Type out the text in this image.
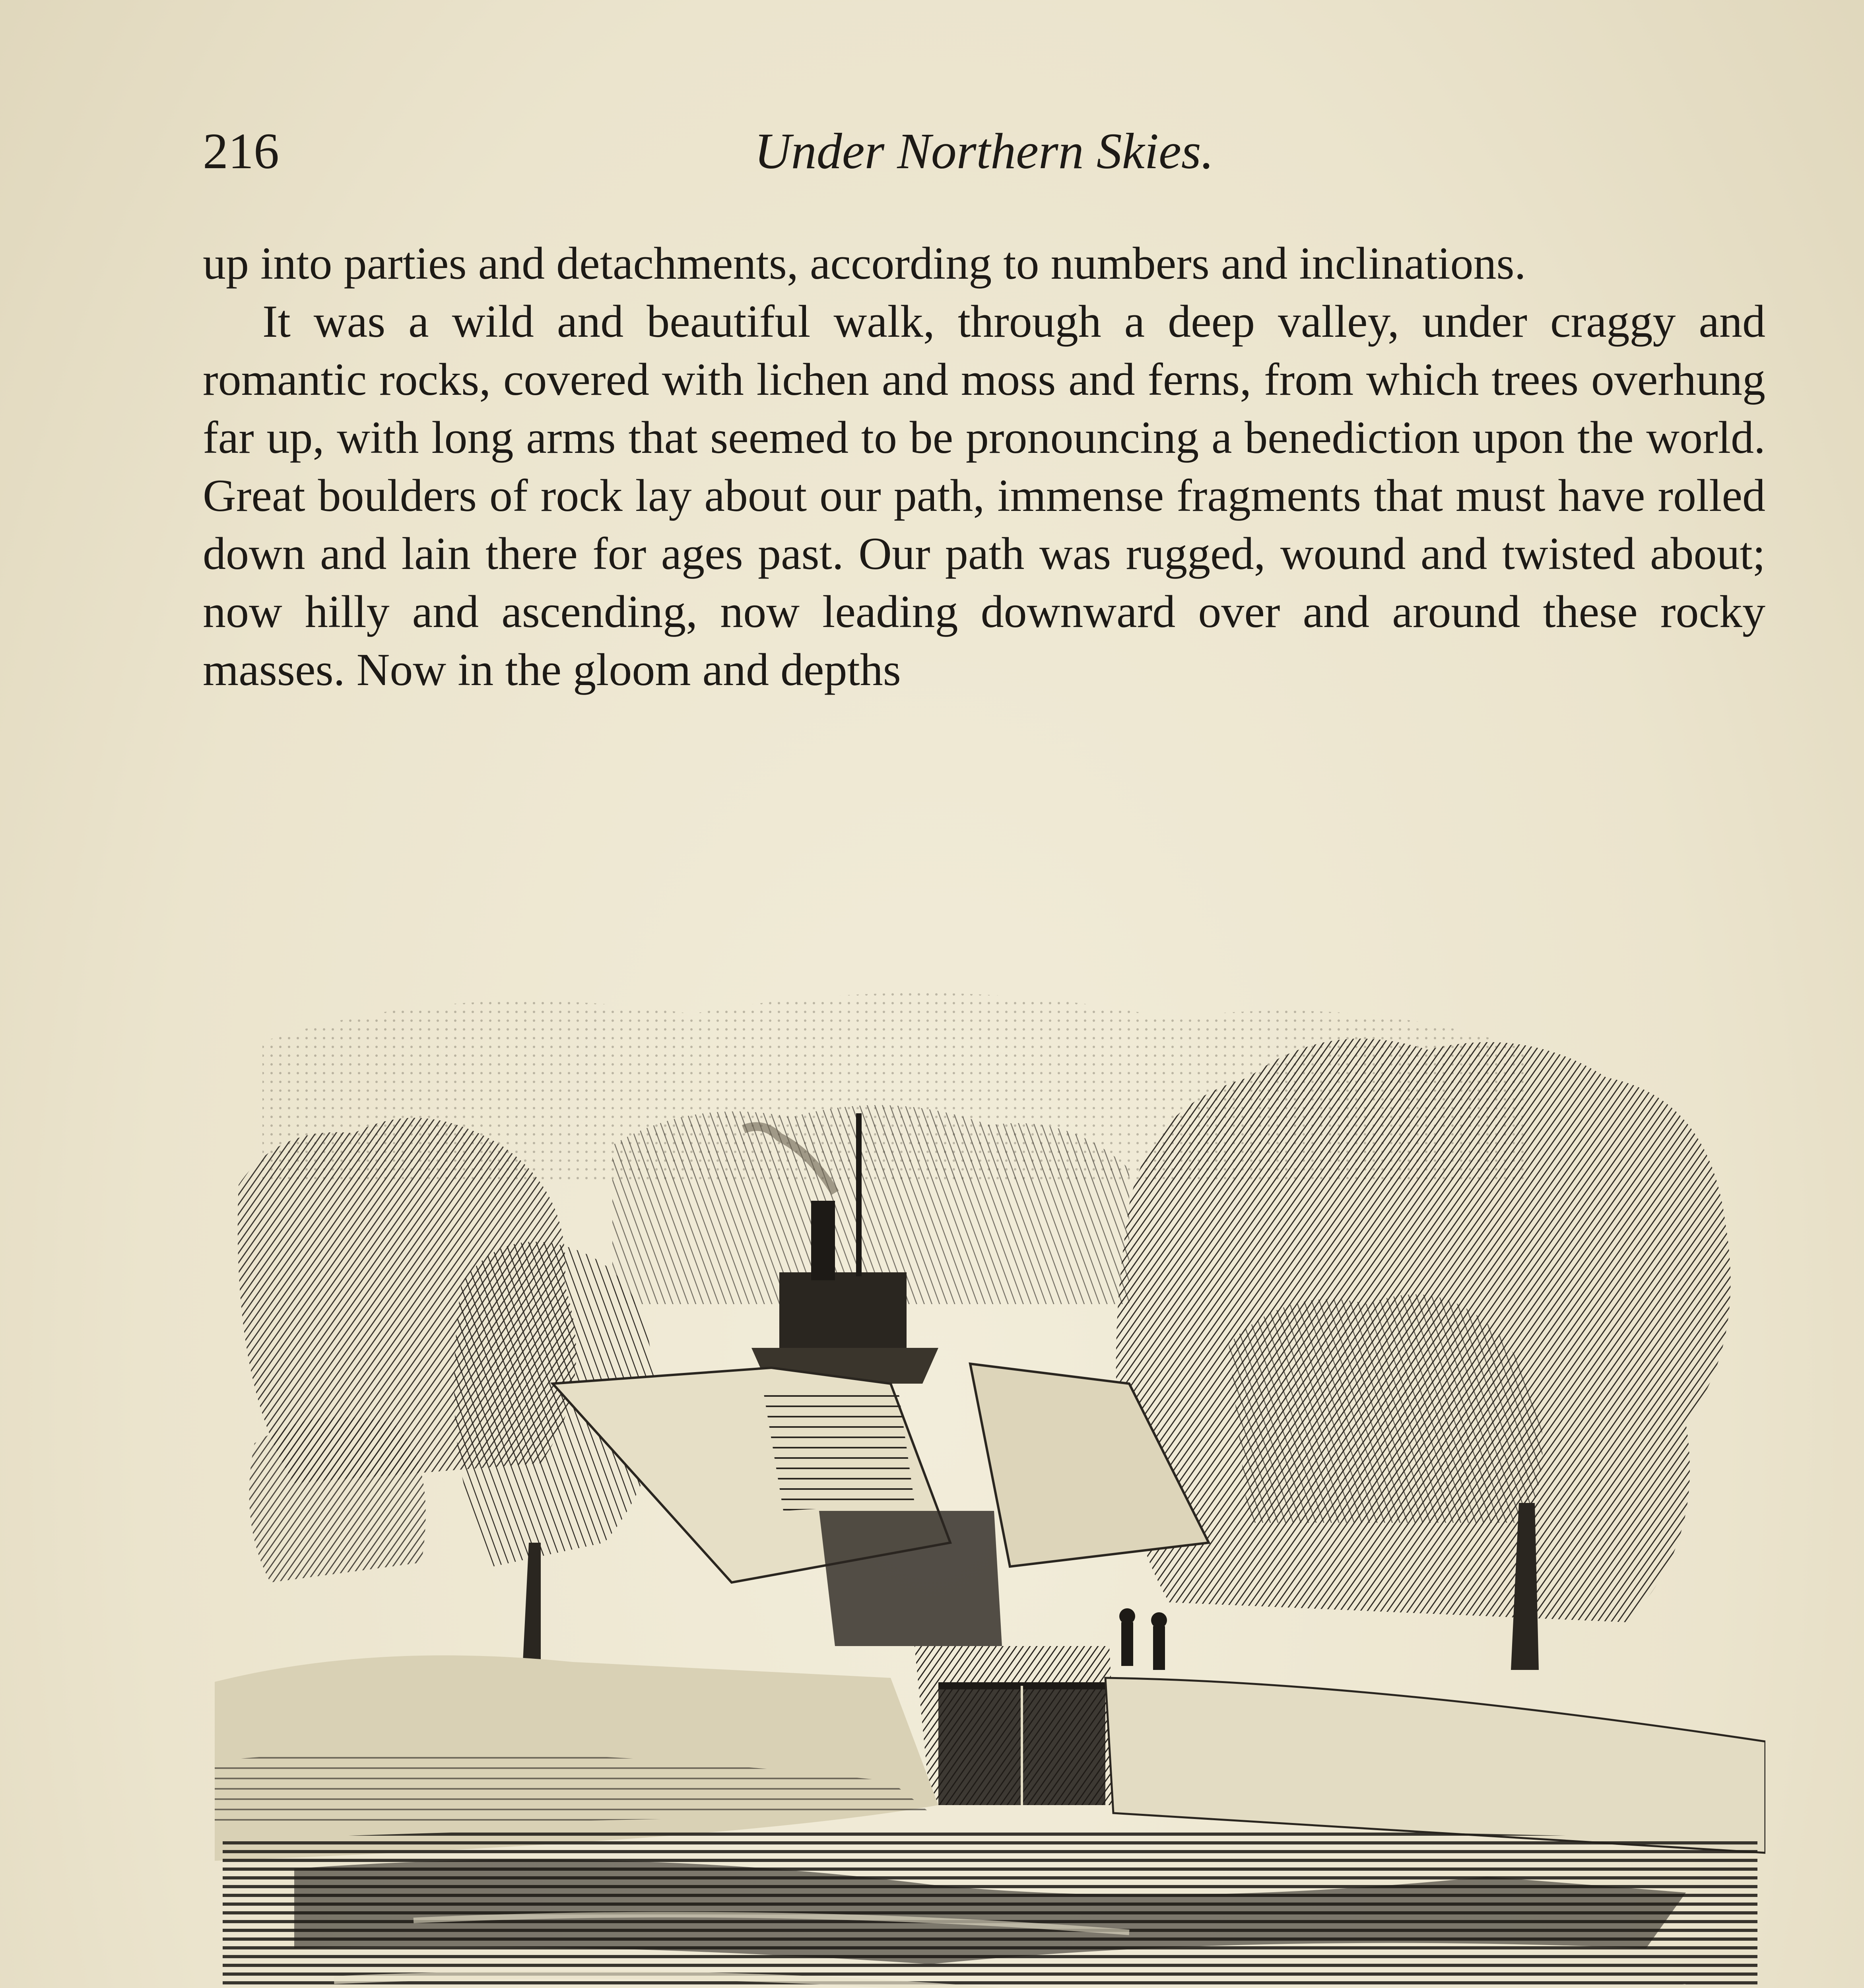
216	Under Northern Skies.

up into parties and detachments, according to numbers and inclinations.

It was a wild and beautiful walk, through a deep valley, under craggy and romantic rocks, covered with lichen and moss and ferns, from which trees overhung far up, with long arms that seemed to be pronouncing a benediction upon the world. Great boulders of rock lay about our path, immense fragments that must have rolled down and lain there for ages past. Our path was rugged, wound and twisted about; now hilly and ascending, now leading downward over and around these rocky masses. Now in the gloom and depths
